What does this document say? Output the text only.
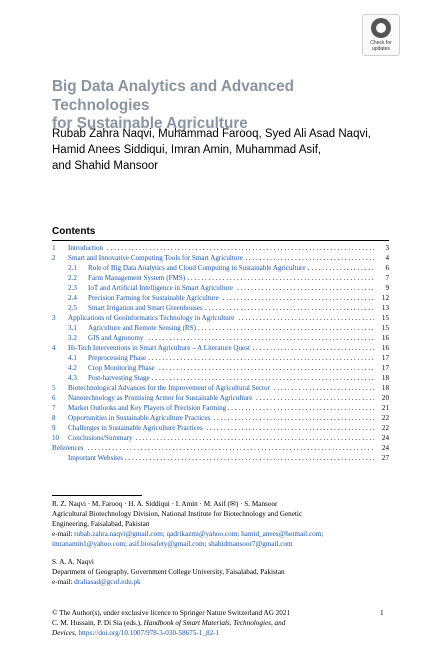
Check for
updates
Big Data Analytics and Advanced Technologies
for Sustainable Agriculture
Rubab Zahra Naqvi, Muhammad Farooq, Syed Ali Asad Naqvi,
Hamid Anees Siddiqui, Imran Amin, Muhammad Asif,
and Shahid Mansoor
Contents
1 Introduction . . .	3
2 Smart and Innovative Computing Tools for Smart Agriculture . . .	4
2.1 Role of Big Data Analytics and Cloud Computing in Sustainable Agriculture . . .	6
2.2 Farm Management System (FMS) . . .	7
2.3 IoT and Artificial Intelligence in Smart Agriculture . . .	9
2.4 Precision Farming for Sustainable Agriculture . . .	12
2.5 Smart Irrigation and Smart Greenhouses . . .	13
3 Applications of Geoinformatics Technology in Agriculture . . .	15
3.1 Agriculture and Remote Sensing (RS) . . .	15
3.2 GIS and Agronomy . . .	16
4 Hi-Tech Interventions in Smart Agriculture – A Literature Quest . . .	16
4.1 Preprocessing Phase . . .	17
4.2 Crop Monitoring Phase . . .	17
4.3 Post-harvesting Stage . . .	18
5 Biotechnological Advances for the Improvement of Agricultural Sector . . .	18
6 Nanotechnology as Promising Armor for Sustainable Agriculture . . .	20
7 Market Outlooks and Key Players of Precision Farming . . .	21
8 Opportunities in Sustainable Agriculture Practices . . .	22
9 Challenges in Sustainable Agriculture Practices . . .	22
10 Conclusions/Summary . . .	24
References . . .	24
Important Websites . . .	27
R. Z. Naqvi · M. Farooq · H. A. Siddiqui · I. Amin · M. Asif (✉) · S. Mansoor
Agricultural Biotechnology Division, National Institute for Biotechnology and Genetic
Engineering, Faisalabad, Pakistan
e-mail: rubab.zahra.naqvi@gmail.com; qadrikazmi@yahoo.com; hamid_anees@hotmail.com;
imranamin1@yahoo.com; asif.biosafety@gmail.com; shahidmansoor7@gmail.com
S. A. A. Naqvi
Department of Geography, Government College University, Faisalabad, Pakistan
e-mail: draliasad@gcuf.edu.pk
© The Author(s), under exclusive licence to Springer Nature Switzerland AG 2021
C. M. Hussain, P. Di Sia (eds.), Handbook of Smart Materials, Technologies, and
Devices, https://doi.org/10.1007/978-3-030-58675-1_82-1
1
